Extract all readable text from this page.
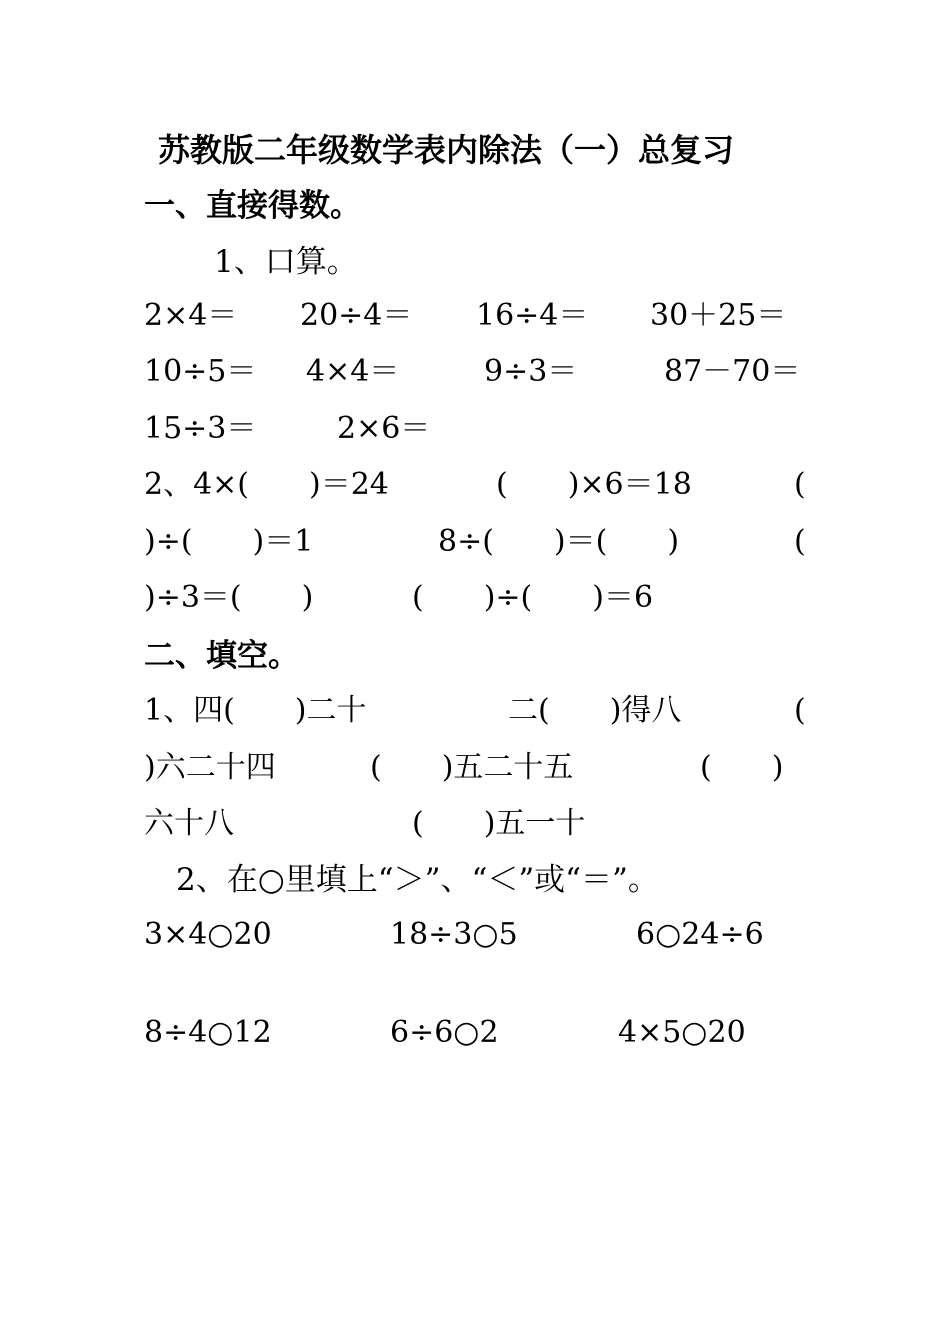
苏教版二年级数学表内除法（一）总复习
一、直接得数。
1、口算。
2×4＝ 20÷4＝ 16÷4＝ 30＋25＝
10÷5＝ 4×4＝	9÷3＝	87－70＝
15÷3＝	2×6＝
2、4×(　　)＝24	(　　)×6＝18	(
)÷(　　)＝1	8÷(　　)＝(　　)	(
)÷3＝(　　)	(　　)÷(　　)＝6
二、填空。
1、四(　　)二十	二(　　)得八	(
)六二十四	(　　)五二十五	(　　)
六十八	(　　)五一十
2、在○里填上“＞”、“＜”或“＝”。
3×4○20	18÷3○5	6○24÷6
8÷4○12	6÷6○2	4×5○20
